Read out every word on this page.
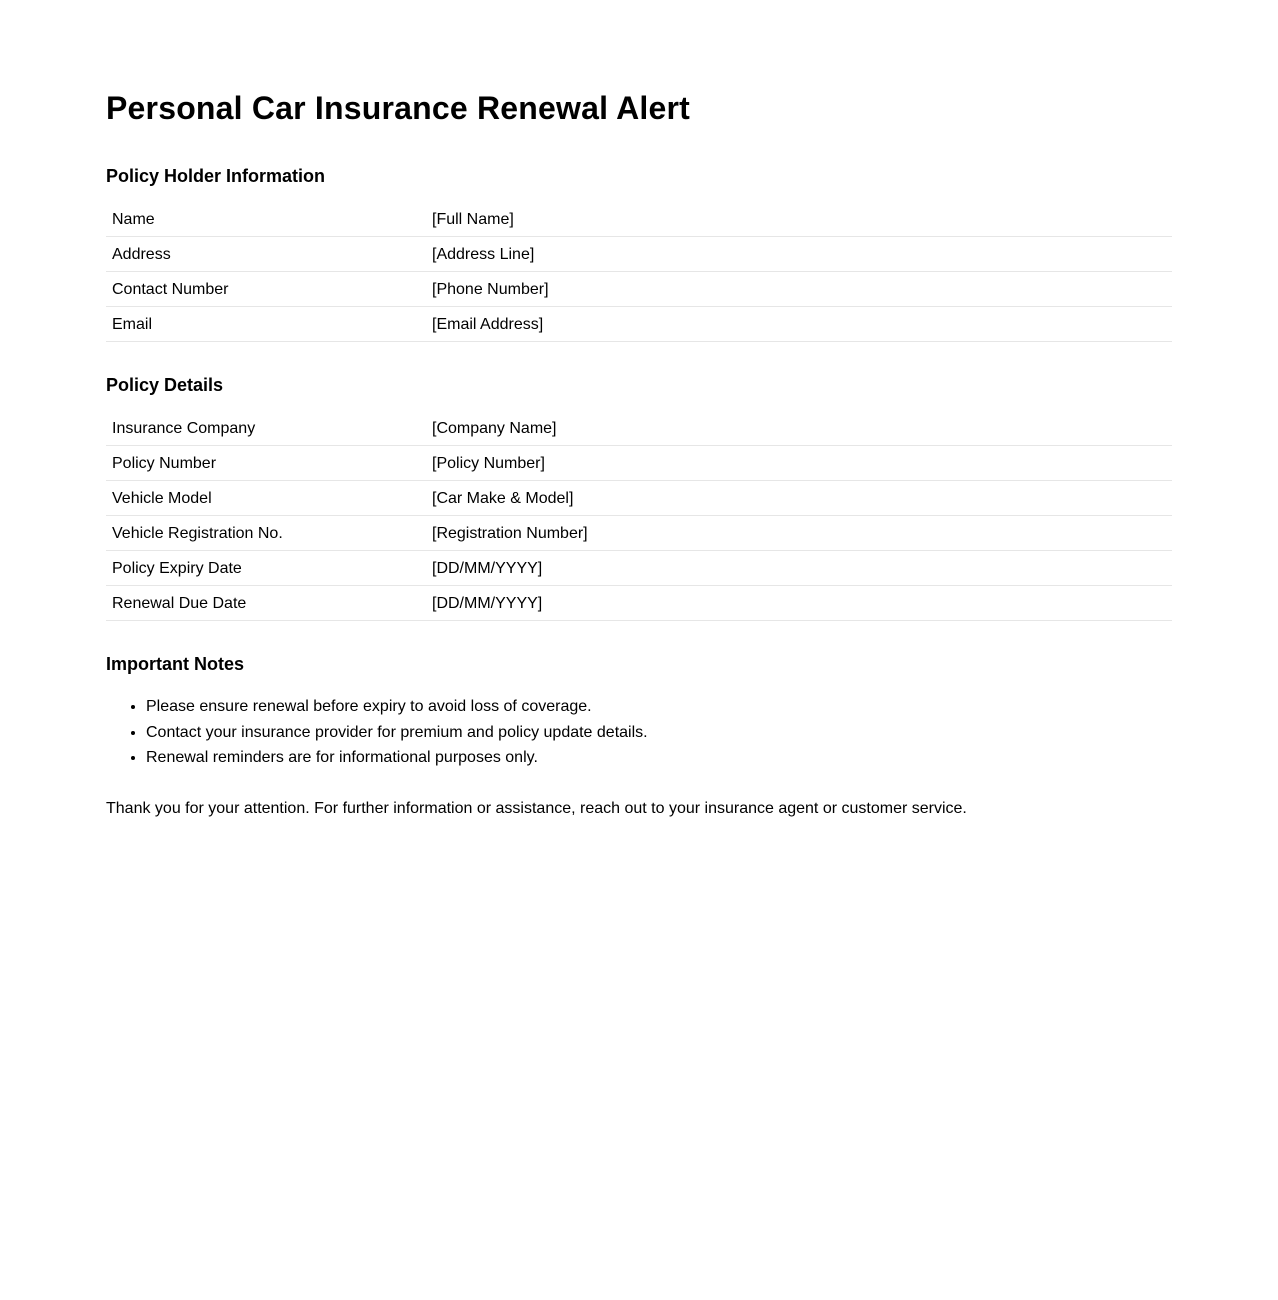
Personal Car Insurance Renewal Alert
Policy Holder Information
Name	[Full Name]
Address	[Address Line]
Contact Number	[Phone Number]
Email	[Email Address]
Policy Details
Insurance Company	[Company Name]
Policy Number	[Policy Number]
Vehicle Model	[Car Make & Model]
Vehicle Registration No.	[Registration Number]
Policy Expiry Date	[DD/MM/YYYY]
Renewal Due Date	[DD/MM/YYYY]
Important Notes
• Please ensure renewal before expiry to avoid loss of coverage.
• Contact your insurance provider for premium and policy update details.
• Renewal reminders are for informational purposes only.

Thank you for your attention. For further information or assistance, reach out to your insurance agent or customer service.
